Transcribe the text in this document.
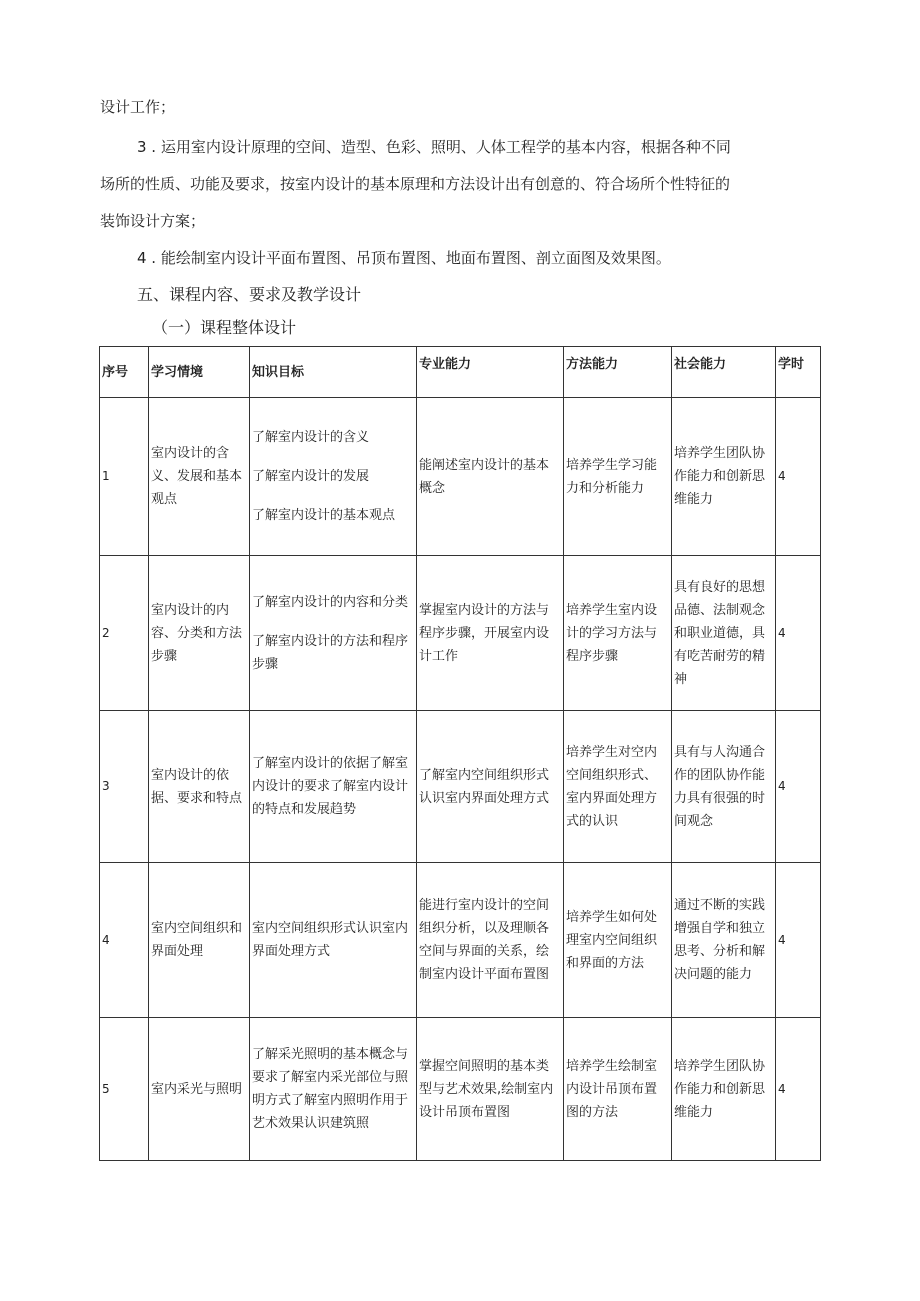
设计工作；
3 . 运用室内设计原理的空间、造型、色彩、照明、人体工程学的基本内容，根据各种不同
场所的性质、功能及要求，按室内设计的基本原理和方法设计出有创意的、符合场所个性特征的
装饰设计方案；
4 . 能绘制室内设计平面布置图、吊顶布置图、地面布置图、剖立面图及效果图。
五、课程内容、要求及教学设计
（一）课程整体设计
序号	学习情境	知识目标	专业能力	方法能力	社会能力	学时
1	室内设计的含义、发展和基本观点	了解室内设计的含义
了解室内设计的发展
了解室内设计的基本观点	能阐述室内设计的基本概念	培养学生学习能力和分析能力	培养学生团队协作能力和创新思维能力	4
2	室内设计的内容、分类和方法步骤	了解室内设计的内容和分类
了解室内设计的方法和程序步骤	掌握室内设计的方法与程序步骤，开展室内设计工作	培养学生室内设计的学习方法与程序步骤	具有良好的思想品德、法制观念和职业道德，具有吃苦耐劳的精神	4
3	室内设计的依据、要求和特点	了解室内设计的依据了解室内设计的要求了解室内设计的特点和发展趋势	了解室内空间组织形式认识室内界面处理方式	培养学生对空内空间组织形式、室内界面处理方式的认识	具有与人沟通合作的团队协作能力具有很强的时间观念	4
4	室内空间组织和界面处理	室内空间组织形式认识室内界面处理方式	能进行室内设计的空间组织分析，以及理顺各空间与界面的关系，绘制室内设计平面布置图	培养学生如何处理室内空间组织和界面的方法	通过不断的实践增强自学和独立思考、分析和解决问题的能力	4
5	室内采光与照明	了解采光照明的基本概念与要求了解室内采光部位与照明方式了解室内照明作用于艺术效果认识建筑照	掌握空间照明的基本类型与艺术效果,绘制室内设计吊顶布置图	培养学生绘制室内设计吊顶布置图的方法	培养学生团队协作能力和创新思维能力	4
